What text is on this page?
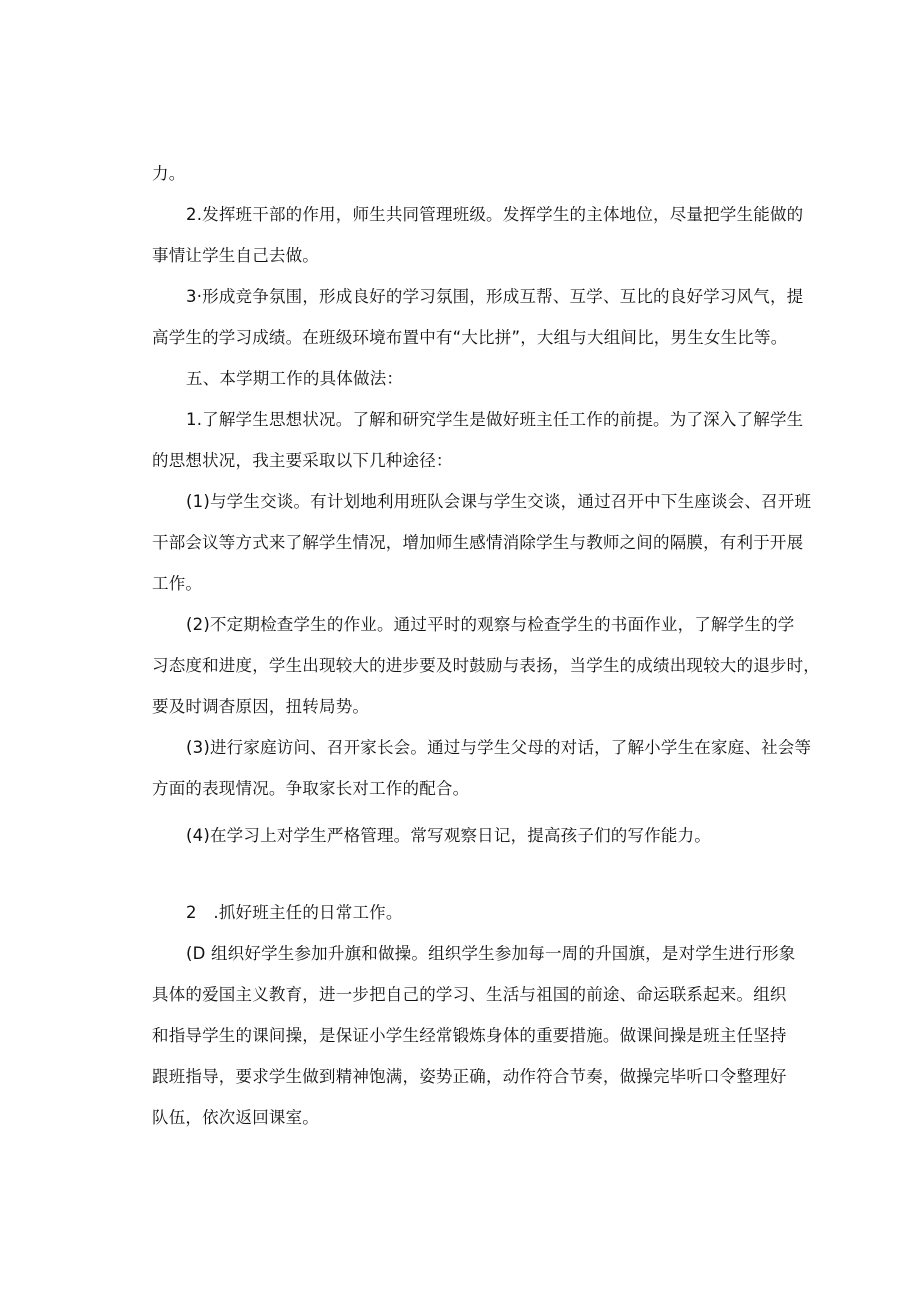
力。
2.发挥班干部的作用，师生共同管理班级。发挥学生的主体地位，尽量把学生能做的
事情让学生自己去做。
3·形成竞争氛围，形成良好的学习氛围，形成互帮、互学、互比的良好学习风气，提
高学生的学习成绩。在班级环境布置中有“大比拼”，大组与大组间比，男生女生比等。
五、本学期工作的具体做法：
1.了解学生思想状况。了解和研究学生是做好班主任工作的前提。为了深入了解学生
的思想状况，我主要采取以下几种途径：
(1)与学生交谈。有计划地利用班队会课与学生交谈，通过召开中下生座谈会、召开班
干部会议等方式来了解学生情况，增加师生感情消除学生与教师之间的隔膜，有利于开展
工作。
(2)不定期检查学生的作业。通过平时的观察与检查学生的书面作业，了解学生的学
习态度和进度，学生出现较大的进步要及时鼓励与表扬，当学生的成绩出现较大的退步时，
要及时调杳原因，扭转局势。
(3)进行家庭访问、召开家长会。通过与学生父母的对话，了解小学生在家庭、社会等
方面的表现情况。争取家长对工作的配合。
(4)在学习上对学生严格管理。常写观察日记，提高孩子们的写作能力。
2　.抓好班主任的日常工作。
(D 组织好学生参加升旗和做操。组织学生参加每一周的升国旗，是对学生进行形象
具体的爱国主义教育，进一步把自己的学习、生活与祖国的前途、命运联系起来。组织
和指导学生的课间操，是保证小学生经常锻炼身体的重要措施。做课间操是班主任坚持
跟班指导，要求学生做到精神饱满，姿势正确，动作符合节奏，做操完毕听口令整理好
队伍，依次返回课室。
